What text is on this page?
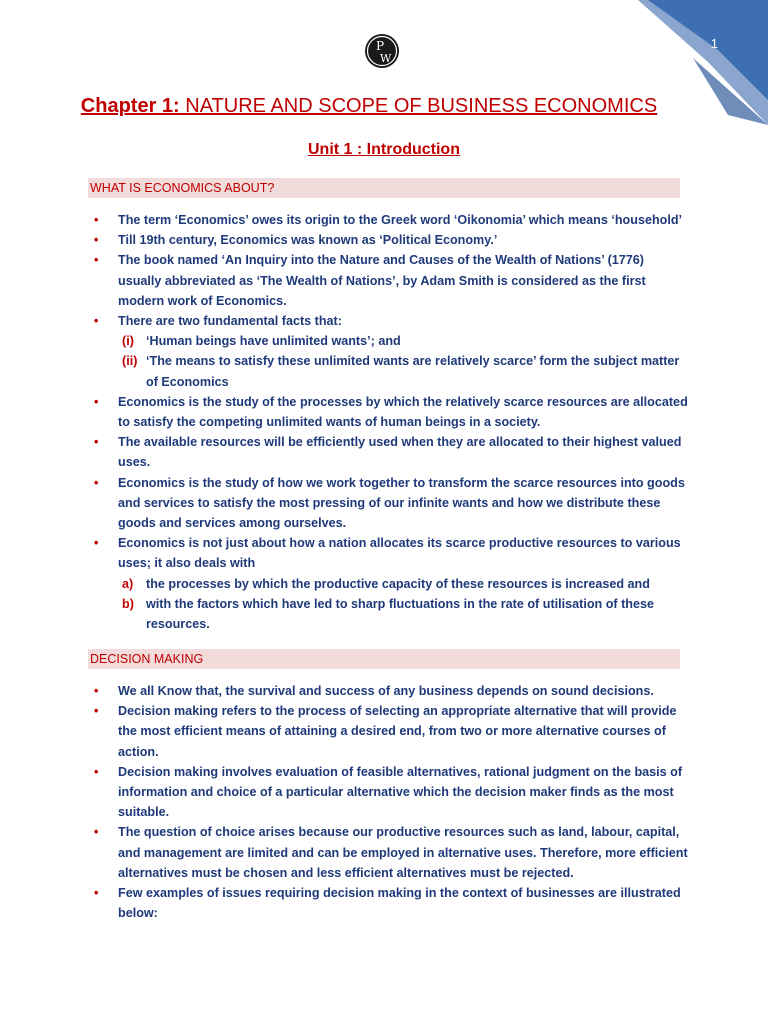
1
P
W
Chapter 1: NATURE AND SCOPE OF BUSINESS ECONOMICS
Unit 1 : Introduction
WHAT IS ECONOMICS ABOUT?
• The term ‘Economics’ owes its origin to the Greek word ‘Oikonomia’ which means ‘household’
• Till 19th century, Economics was known as ‘Political Economy.’
• The book named ‘An Inquiry into the Nature and Causes of the Wealth of Nations’ (1776) usually abbreviated as ‘The Wealth of Nations’, by Adam Smith is considered as the first modern work of Economics.
• There are two fundamental facts that:
(i) ‘Human beings have unlimited wants’; and
(ii) ‘The means to satisfy these unlimited wants are relatively scarce’ form the subject matter of Economics
• Economics is the study of the processes by which the relatively scarce resources are allocated to satisfy the competing unlimited wants of human beings in a society.
• The available resources will be efficiently used when they are allocated to their highest valued uses.
• Economics is the study of how we work together to transform the scarce resources into goods and services to satisfy the most pressing of our infinite wants and how we distribute these goods and services among ourselves.
• Economics is not just about how a nation allocates its scarce productive resources to various uses; it also deals with
a) the processes by which the productive capacity of these resources is increased and
b) with the factors which have led to sharp fluctuations in the rate of utilisation of these resources.
DECISION MAKING
• We all Know that, the survival and success of any business depends on sound decisions.
• Decision making refers to the process of selecting an appropriate alternative that will provide the most efficient means of attaining a desired end, from two or more alternative courses of action.
• Decision making involves evaluation of feasible alternatives, rational judgment on the basis of information and choice of a particular alternative which the decision maker finds as the most suitable.
• The question of choice arises because our productive resources such as land, labour, capital, and management are limited and can be employed in alternative uses. Therefore, more efficient alternatives must be chosen and less efficient alternatives must be rejected.
• Few examples of issues requiring decision making in the context of businesses are illustrated below:
